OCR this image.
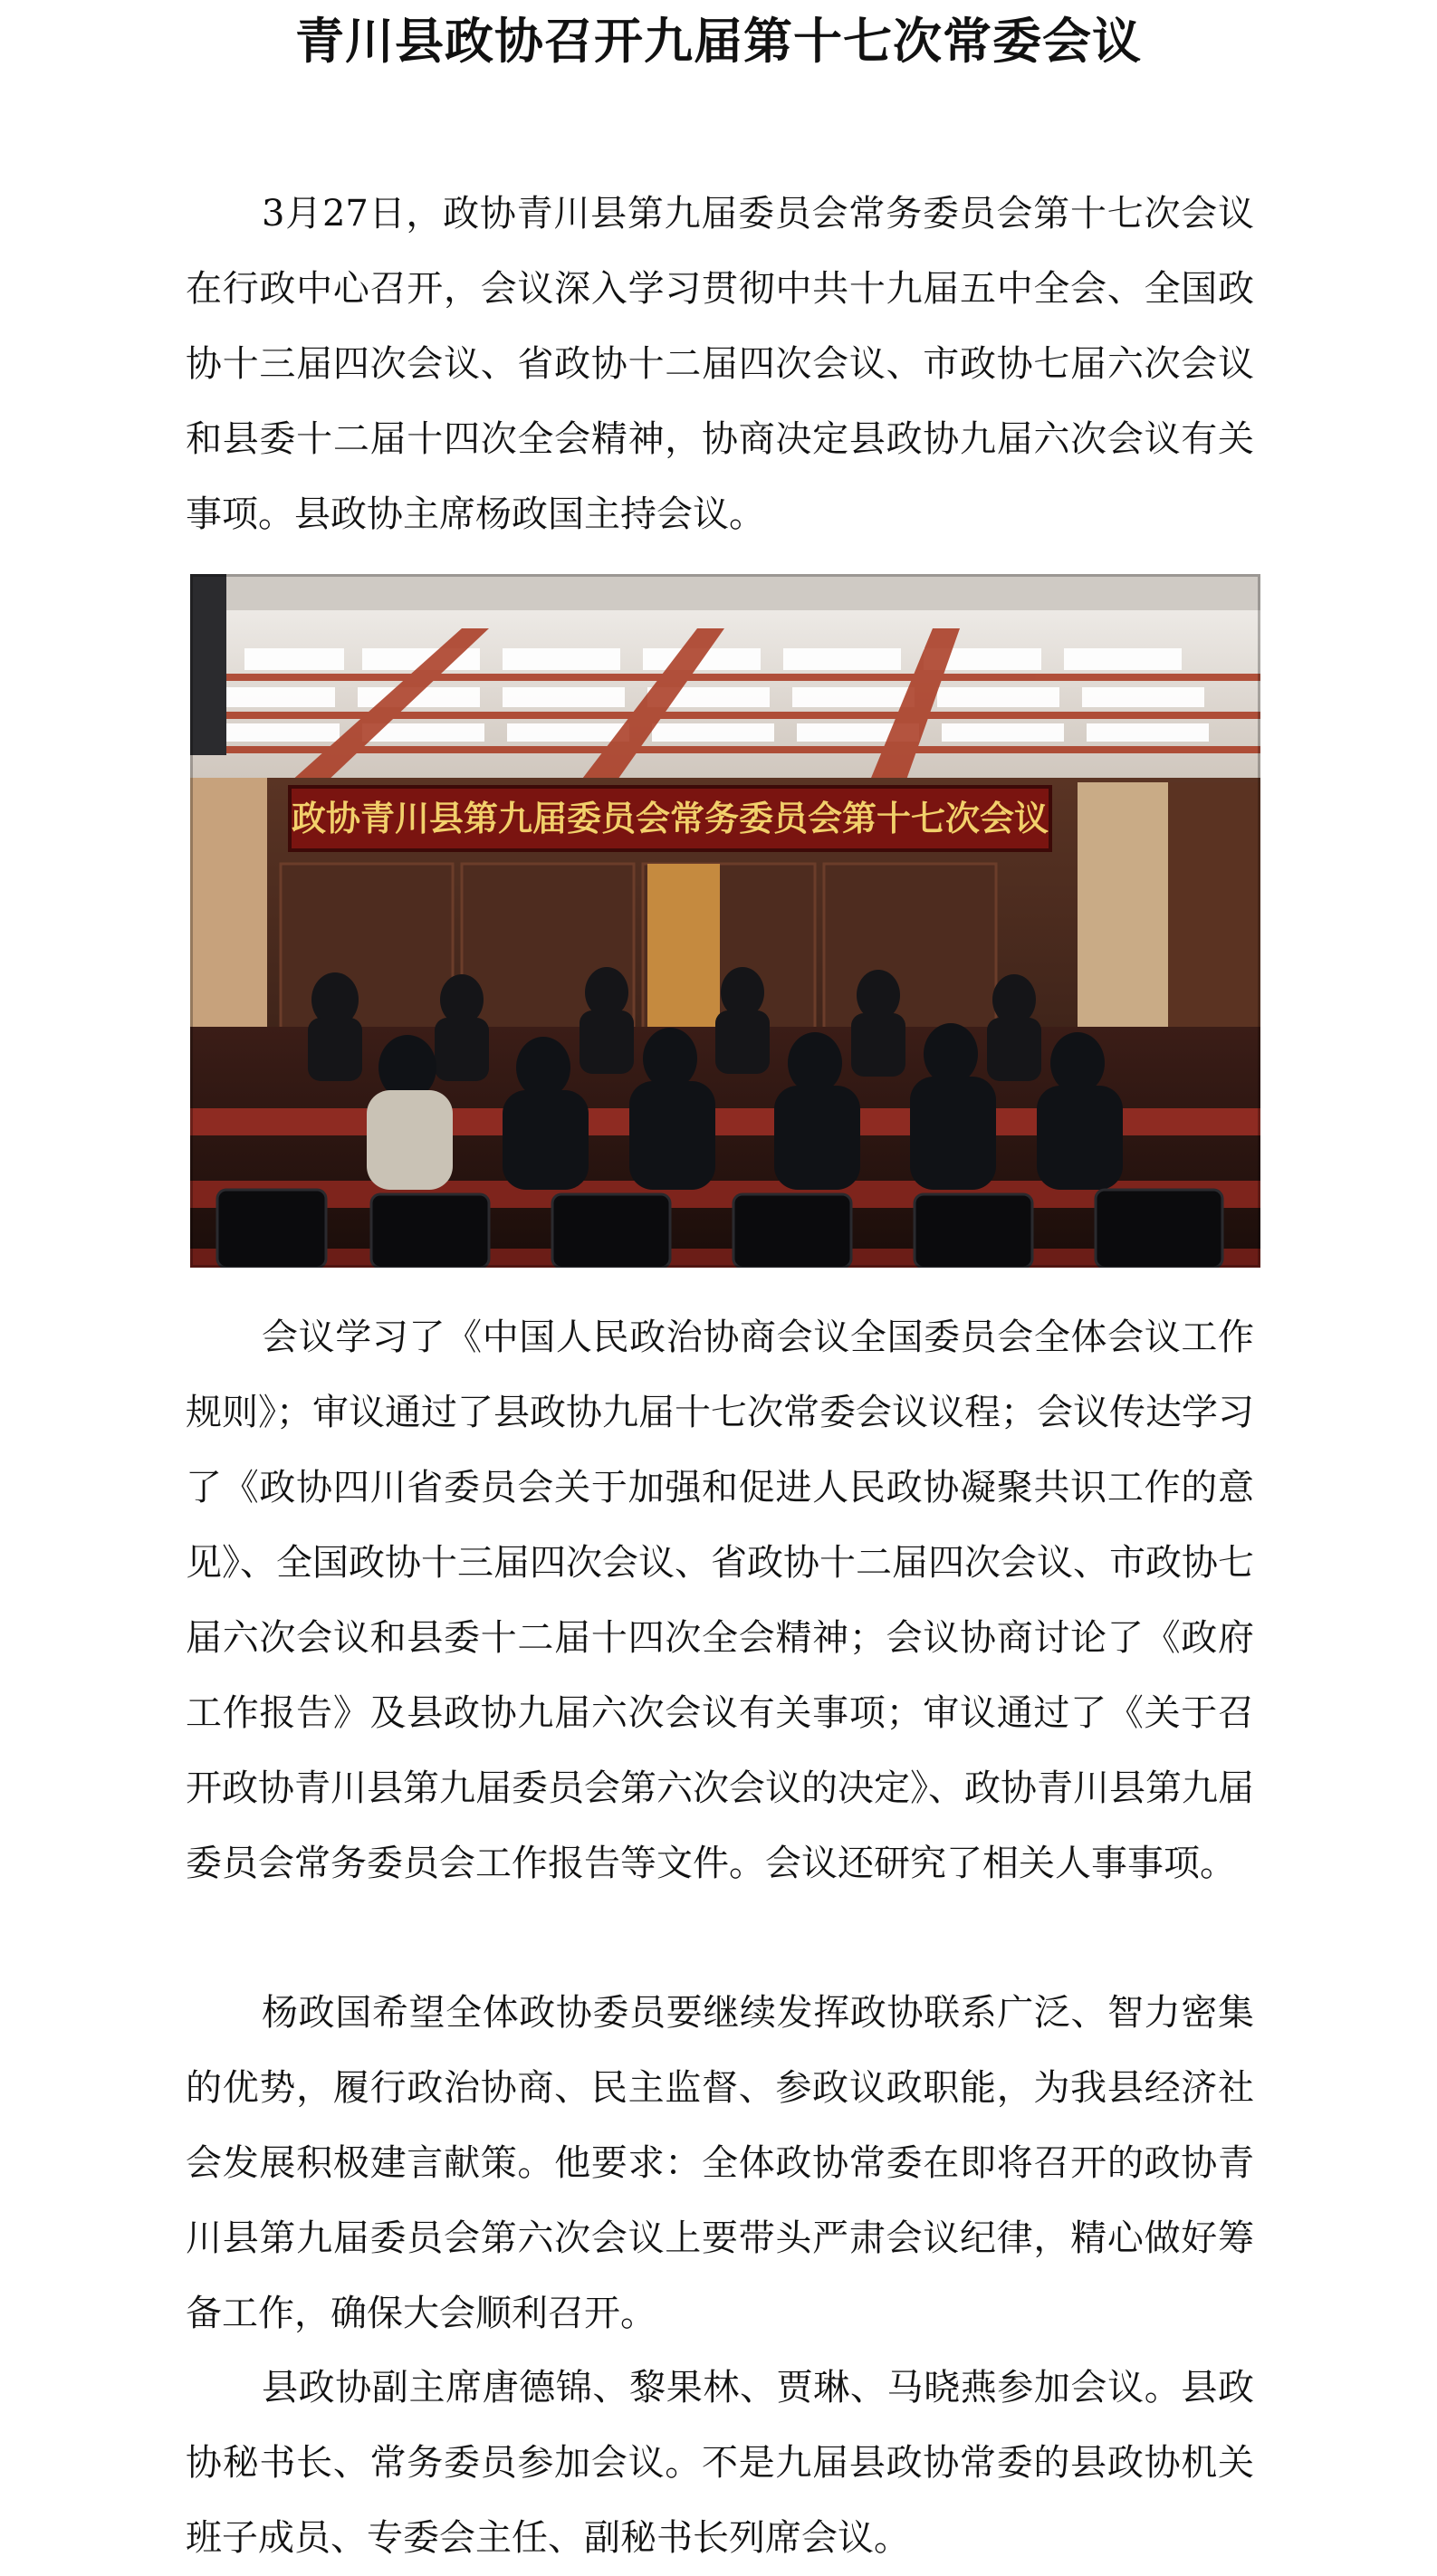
青川县政协召开九届第十七次常委会议

3月27日，政协青川县第九届委员会常务委员会第十七次会议在行政中心召开，会议深入学习贯彻中共十九届五中全会、全国政协十三届四次会议、省政协十二届四次会议、市政协七届六次会议和县委十二届十四次全会精神，协商决定县政协九届六次会议有关事项。县政协主席杨政国主持会议。

政协青川县第九届委员会常务委员会第十七次会议

会议学习了《中国人民政治协商会议全国委员会全体会议工作规则》；审议通过了县政协九届十七次常委会议议程；会议传达学习了《政协四川省委员会关于加强和促进人民政协凝聚共识工作的意见》、全国政协十三届四次会议、省政协十二届四次会议、市政协七届六次会议和县委十二届十四次全会精神；会议协商讨论了《政府工作报告》及县政协九届六次会议有关事项；审议通过了《关于召开政协青川县第九届委员会第六次会议的决定》、政协青川县第九届委员会常务委员会工作报告等文件。会议还研究了相关人事事项。

杨政国希望全体政协委员要继续发挥政协联系广泛、智力密集的优势，履行政治协商、民主监督、参政议政职能，为我县经济社会发展积极建言献策。他要求：全体政协常委在即将召开的政协青川县第九届委员会第六次会议上要带头严肃会议纪律，精心做好筹备工作，确保大会顺利召开。

县政协副主席唐德锦、黎果林、贾琳、马晓燕参加会议。县政协秘书长、常务委员参加会议。不是九届县政协常委的县政协机关班子成员、专委会主任、副秘书长列席会议。
